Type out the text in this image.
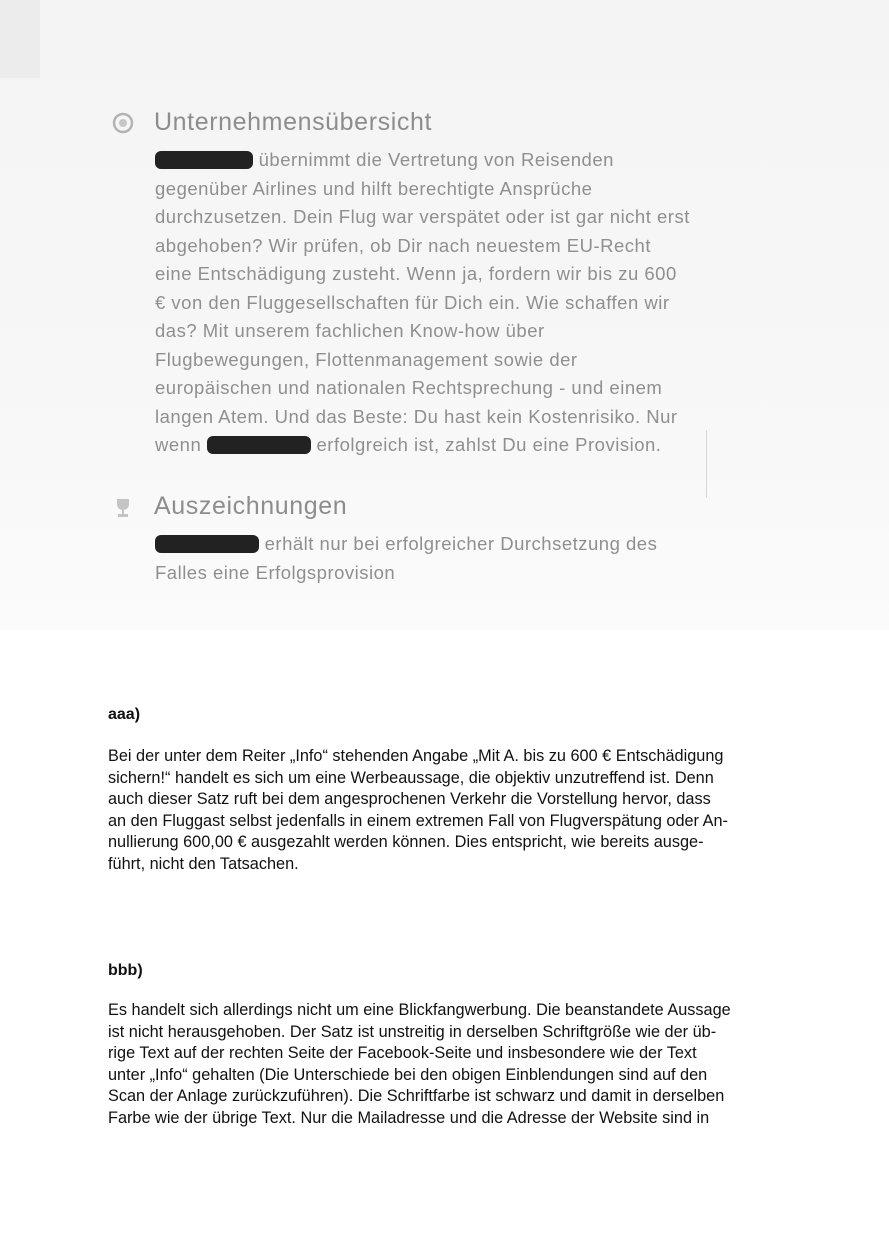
Unternehmensübersicht
übernimmt die Vertretung von Reisenden
gegenüber Airlines und hilft berechtigte Ansprüche
durchzusetzen. Dein Flug war verspätet oder ist gar nicht erst
abgehoben? Wir prüfen, ob Dir nach neuestem EU-Recht
eine Entschädigung zusteht. Wenn ja, fordern wir bis zu 600
€ von den Fluggesellschaften für Dich ein. Wie schaffen wir
das? Mit unserem fachlichen Know-how über
Flugbewegungen, Flottenmanagement sowie der
europäischen und nationalen Rechtsprechung - und einem
langen Atem. Und das Beste: Du hast kein Kostenrisiko. Nur
wenn	erfolgreich ist, zahlst Du eine Provision.
Auszeichnungen
erhält nur bei erfolgreicher Durchsetzung des
Falles eine Erfolgsprovision
aaa)
Bei der unter dem Reiter „Info“ stehenden Angabe „Mit A. bis zu 600 € Entschädigung
sichern!“ handelt es sich um eine Werbeaussage, die objektiv unzutreffend ist. Denn
auch dieser Satz ruft bei dem angesprochenen Verkehr die Vorstellung hervor, dass
an den Fluggast selbst jedenfalls in einem extremen Fall von Flugverspätung oder An-
nullierung 600,00 € ausgezahlt werden können. Dies entspricht, wie bereits ausge-
führt, nicht den Tatsachen.
bbb)
Es handelt sich allerdings nicht um eine Blickfangwerbung. Die beanstandete Aussage
ist nicht herausgehoben. Der Satz ist unstreitig in derselben Schriftgröße wie der üb-
rige Text auf der rechten Seite der Facebook-Seite und insbesondere wie der Text
unter „Info“ gehalten (Die Unterschiede bei den obigen Einblendungen sind auf den
Scan der Anlage zurückzuführen). Die Schriftfarbe ist schwarz und damit in derselben
Farbe wie der übrige Text. Nur die Mailadresse und die Adresse der Website sind in
